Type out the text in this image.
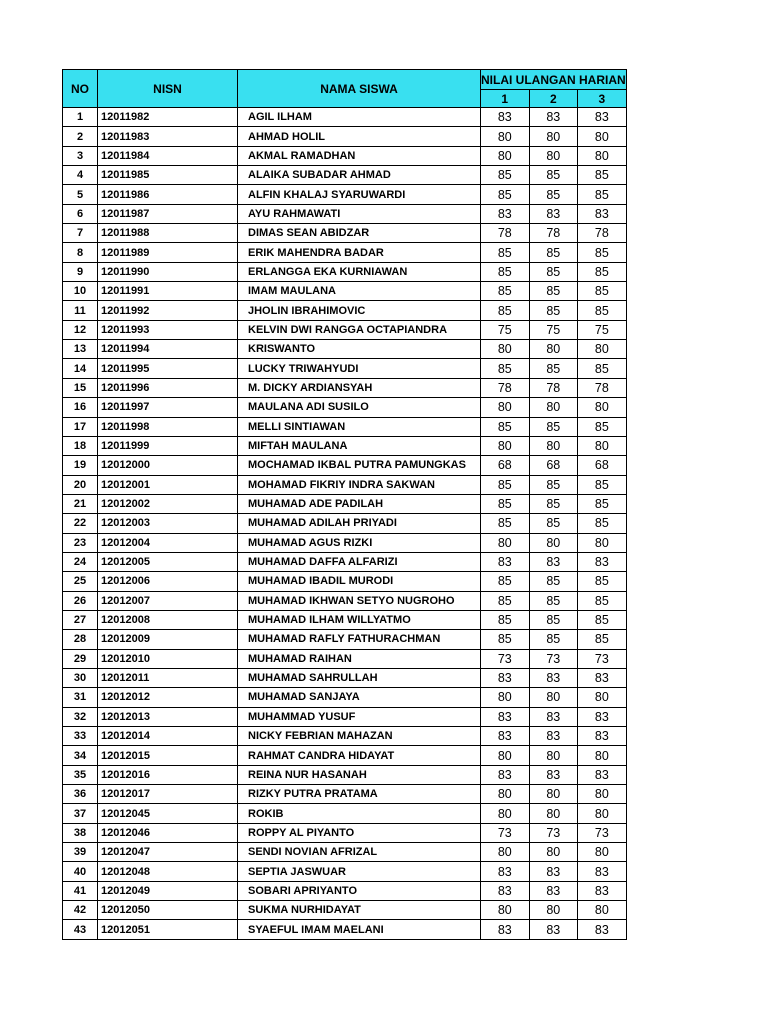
NO	NISN	NAMA SISWA	NILAI ULANGAN HARIAN		
			1	2	3
1	12011982	AGIL ILHAM	83	83	83
2	12011983	AHMAD HOLIL	80	80	80
3	12011984	AKMAL RAMADHAN	80	80	80
4	12011985	ALAIKA SUBADAR AHMAD	85	85	85
5	12011986	ALFIN KHALAJ SYARUWARDI	85	85	85
6	12011987	AYU RAHMAWATI	83	83	83
7	12011988	DIMAS SEAN ABIDZAR	78	78	78
8	12011989	ERIK MAHENDRA BADAR	85	85	85
9	12011990	ERLANGGA EKA KURNIAWAN	85	85	85
10	12011991	IMAM MAULANA	85	85	85
11	12011992	JHOLIN IBRAHIMOVIC	85	85	85
12	12011993	KELVIN DWI RANGGA OCTAPIANDRA	75	75	75
13	12011994	KRISWANTO	80	80	80
14	12011995	LUCKY TRIWAHYUDI	85	85	85
15	12011996	M. DICKY ARDIANSYAH	78	78	78
16	12011997	MAULANA ADI SUSILO	80	80	80
17	12011998	MELLI SINTIAWAN	85	85	85
18	12011999	MIFTAH MAULANA	80	80	80
19	12012000	MOCHAMAD IKBAL PUTRA PAMUNGKAS	68	68	68
20	12012001	MOHAMAD FIKRIY INDRA SAKWAN	85	85	85
21	12012002	MUHAMAD ADE PADILAH	85	85	85
22	12012003	MUHAMAD ADILAH PRIYADI	85	85	85
23	12012004	MUHAMAD AGUS RIZKI	80	80	80
24	12012005	MUHAMAD DAFFA ALFARIZI	83	83	83
25	12012006	MUHAMAD IBADIL MURODI	85	85	85
26	12012007	MUHAMAD IKHWAN SETYO NUGROHO	85	85	85
27	12012008	MUHAMAD ILHAM WILLYATMO	85	85	85
28	12012009	MUHAMAD RAFLY FATHURACHMAN	85	85	85
29	12012010	MUHAMAD RAIHAN	73	73	73
30	12012011	MUHAMAD SAHRULLAH	83	83	83
31	12012012	MUHAMAD SANJAYA	80	80	80
32	12012013	MUHAMMAD YUSUF	83	83	83
33	12012014	NICKY FEBRIAN MAHAZAN	83	83	83
34	12012015	RAHMAT CANDRA HIDAYAT	80	80	80
35	12012016	REINA NUR HASANAH	83	83	83
36	12012017	RIZKY PUTRA PRATAMA	80	80	80
37	12012045	ROKIB	80	80	80
38	12012046	ROPPY AL PIYANTO	73	73	73
39	12012047	SENDI NOVIAN AFRIZAL	80	80	80
40	12012048	SEPTIA JASWUAR	83	83	83
41	12012049	SOBARI APRIYANTO	83	83	83
42	12012050	SUKMA NURHIDAYAT	80	80	80
43	12012051	SYAEFUL IMAM MAELANI	83	83	83
